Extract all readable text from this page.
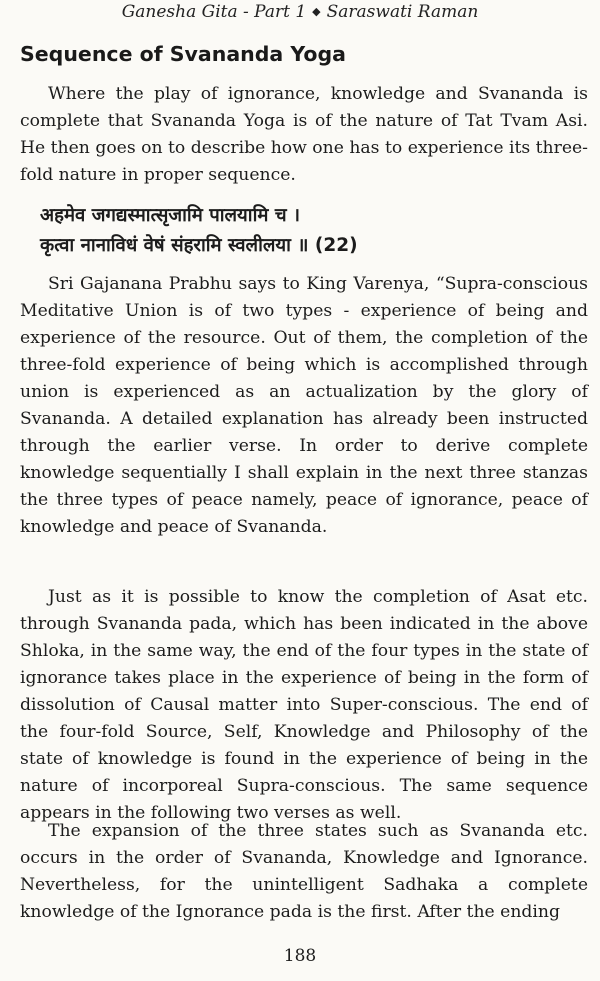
Ganesha Gita - Part 1 ◆ Saraswati Raman
Sequence of Svananda Yoga

Where the play of ignorance, knowledge and Svananda is complete that Svananda Yoga is of the nature of Tat Tvam Asi. He then goes on to describe how one has to experience its three-fold nature in proper sequence.

अहमेव जगद्यस्मात्सृजामि पालयामि च ।
कृत्वा नानाविधं वेषं संहरामि स्वलीलया ॥ (22)

Sri Gajanana Prabhu says to King Varenya, “Supra-conscious Meditative Union is of two types - experience of being and experience of the resource. Out of them, the completion of the three-fold experience of being which is accomplished through union is experienced as an actualization by the glory of Svananda. A detailed explanation has already been instructed through the earlier verse. In order to derive complete knowledge sequentially I shall explain in the next three stanzas the three types of peace namely, peace of ignorance, peace of knowledge and peace of Svananda.

Just as it is possible to know the completion of Asat etc. through Svananda pada, which has been indicated in the above Shloka, in the same way, the end of the four types in the state of ignorance takes place in the experience of being in the form of dissolution of Causal matter into Super-conscious. The end of the four-fold Source, Self, Knowledge and Philosophy of the state of knowledge is found in the experience of being in the nature of incorporeal Supra-conscious. The same sequence appears in the following two verses as well.

The expansion of the three states such as Svananda etc. occurs in the order of Svananda, Knowledge and Ignorance. Nevertheless, for the unintelligent Sadhaka a complete knowledge of the Ignorance pada is the first. After the ending

188
